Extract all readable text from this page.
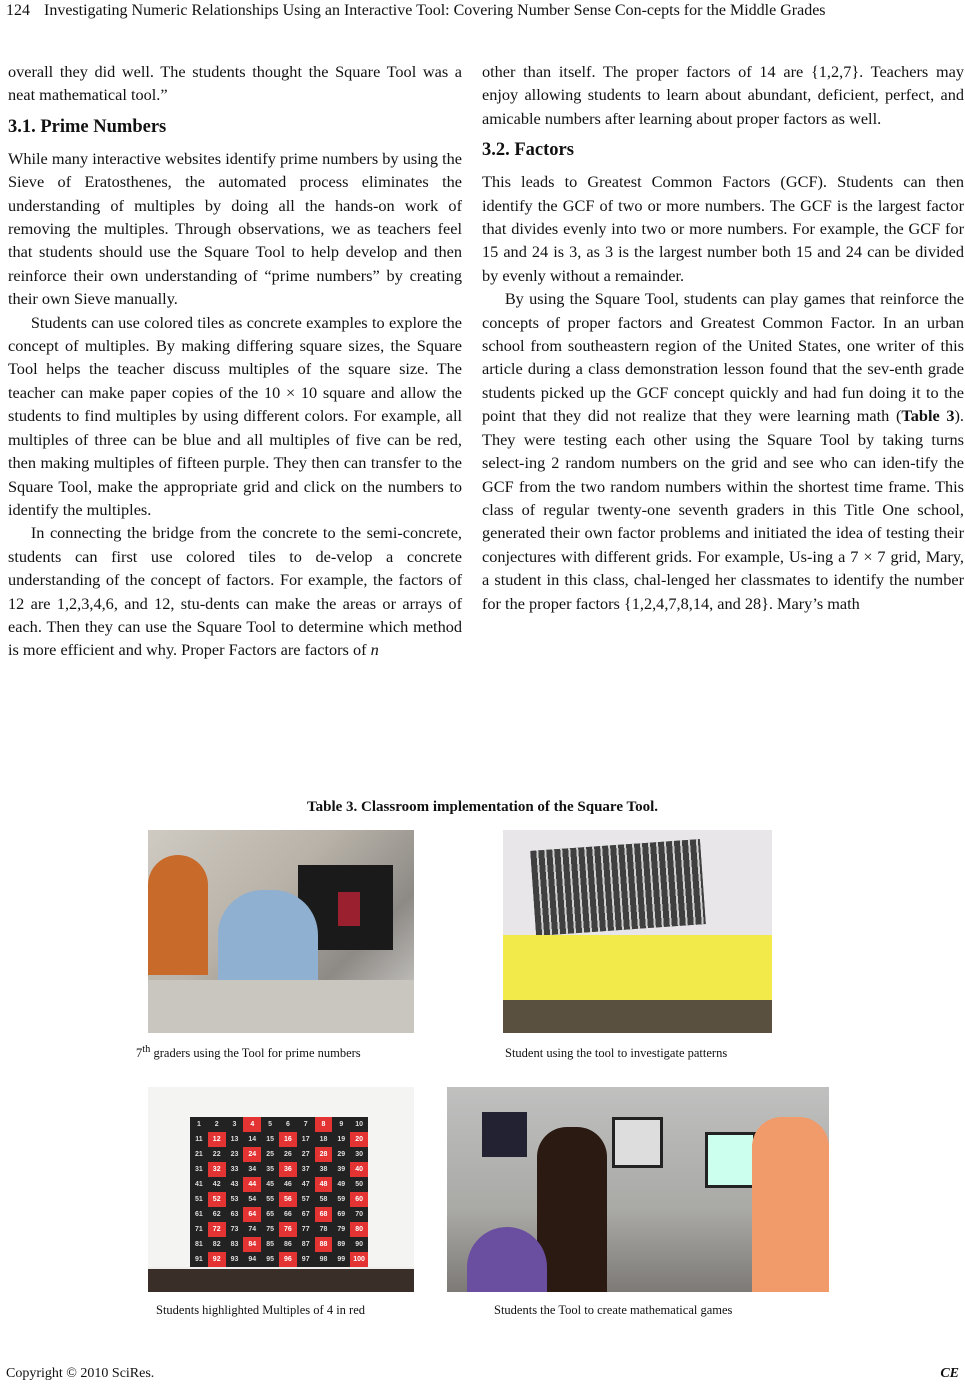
124 Investigating Numeric Relationships Using an Interactive Tool: Covering Number Sense Con-cepts for the Middle Grades

overall they did well. The students thought the Square Tool was a neat mathematical tool.”

3.1. Prime Numbers

While many interactive websites identify prime numbers by using the Sieve of Eratosthenes, the automated process eliminates the understanding of multiples by doing all the hands-on work of removing the multiples. Through observations, we as teachers feel that students should use the Square Tool to help develop and then reinforce their own understanding of “prime numbers” by creating their own Sieve manually.

Students can use colored tiles as concrete examples to explore the concept of multiples. By making differing square sizes, the Square Tool helps the teacher discuss multiples of the square size. The teacher can make paper copies of the 10 × 10 square and allow the students to find multiples by using different colors. For example, all multiples of three can be blue and all multiples of five can be red, then making multiples of fifteen purple. They then can transfer to the Square Tool, make the appropriate grid and click on the numbers to identify the multiples.

In connecting the bridge from the concrete to the semi-concrete, students can first use colored tiles to de-velop a concrete understanding of the concept of factors. For example, the factors of 12 are 1,2,3,4,6, and 12, stu-dents can make the areas or arrays of each. Then they can use the Square Tool to determine which method is more efficient and why. Proper Factors are factors of n

other than itself. The proper factors of 14 are {1,2,7}. Teachers may enjoy allowing students to learn about abundant, deficient, perfect, and amicable numbers after learning about proper factors as well.

3.2. Factors

This leads to Greatest Common Factors (GCF). Students can then identify the GCF of two or more numbers. The GCF is the largest factor that divides evenly into two or more numbers. For example, the GCF for 15 and 24 is 3, as 3 is the largest number both 15 and 24 can be divided by evenly without a remainder.

By using the Square Tool, students can play games that reinforce the concepts of proper factors and Greatest Common Factor. In an urban school from southeastern region of the United States, one writer of this article during a class demonstration lesson found that the sev-enth grade students picked up the GCF concept quickly and had fun doing it to the point that they did not realize that they were learning math (Table 3). They were testing each other using the Square Tool by taking turns select-ing 2 random numbers on the grid and see who can iden-tify the GCF from the two random numbers within the shortest time frame. This class of regular twenty-one seventh graders in this Title One school, generated their own factor problems and initiated the idea of testing their conjectures with different grids. For example, Us-ing a 7 × 7 grid, Mary, a student in this class, chal-lenged her classmates to identify the number for the proper factors {1,2,4,7,8,14, and 28}. Mary’s math

Table 3. Classroom implementation of the Square Tool.
7th graders using the Tool for prime numbers	Student using the tool to investigate patterns
1	2	3	4	5	6	7	8	9	10
11	12	13	14	15	16	17	18	19	20
21	22	23	24	25	26	27	28	29	30
31	32	33	34	35	36	37	38	39	40
41	42	43	44	45	46	47	48	49	50
51	52	53	54	55	56	57	58	59	60
61	62	63	64	65	66	67	68	69	70
71	72	73	74	75	76	77	78	79	80
81	82	83	84	85	86	87	88	89	90
91	92	93	94	95	96	97	98	99	100
Students highlighted Multiples of 4 in red	Students the Tool to create mathematical games
Copyright © 2010 SciRes.	CE
